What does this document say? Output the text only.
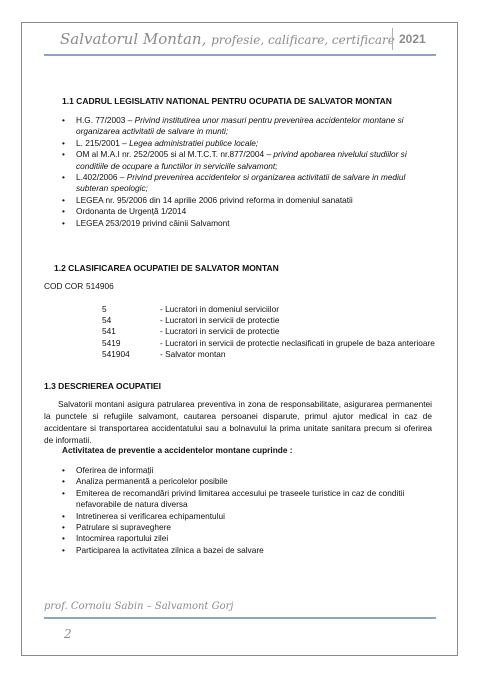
Salvatorul Montan, profesie, calificare, certificare 2021
1.1 CADRUL LEGISLATIV NATIONAL PENTRU OCUPATIA DE SALVATOR MONTAN
• H.G. 77/2003 – Privind institutirea unor masuri pentru prevenirea accidentelor montane si organizarea activitatii de salvare in munti;
• L. 215/2001 – Legea administratiei publice locale;
• OM al M.A.I nr. 252/2005 si al M.T.C.T. nr.877/2004 – privind apobarea nivelului studiilor si conditiile de ocupare a functiilor in serviciile salvamont;
• L.402/2006 – Privind prevenirea accidentelor si organizarea activitatii de salvare in mediul subteran speologic;
• LEGEA nr. 95/2006 din 14 aprilie 2006 privind reforma in domeniul sanatatii
• Ordonanta de Urgență 1/2014
• LEGEA 253/2019 privind câinii Salvamont
1.2 CLASIFICAREA OCUPATIEI DE SALVATOR MONTAN
COD COR 514906
5	- Lucratori in domeniul serviciilor
54	- Lucratori in servicii de protectie
541	- Lucratori in servicii de protectie
5419	- Lucratori in servicii de protectie neclasificati in grupele de baza anterioare
541904	- Salvator montan
1.3 DESCRIEREA OCUPATIEI
Salvatorii montani asigura patrularea preventiva in zona de responsabilitate, asigurarea permanentei la punctele si refugiile salvamont, cautarea persoanei disparute, primul ajutor medical in caz de accidentare si transportarea accidentatului sau a bolnavului la prima unitate sanitara precum si oferirea de informatii.
Activitatea de preventie a accidentelor montane cuprinde :
• Oferirea de informații
• Analiza permanentă a pericolelor posibile
• Emiterea de recomandări privind limitarea accesului pe traseele turistice in caz de conditii nefavorabile de natura diversa
• Intretinerea si verificarea echipamentului
• Patrulare si supraveghere
• Intocmirea raportului zilei
• Participarea la activitatea zilnica a bazei de salvare
prof. Cornoiu Sabin – Salvamont Gorj
2
